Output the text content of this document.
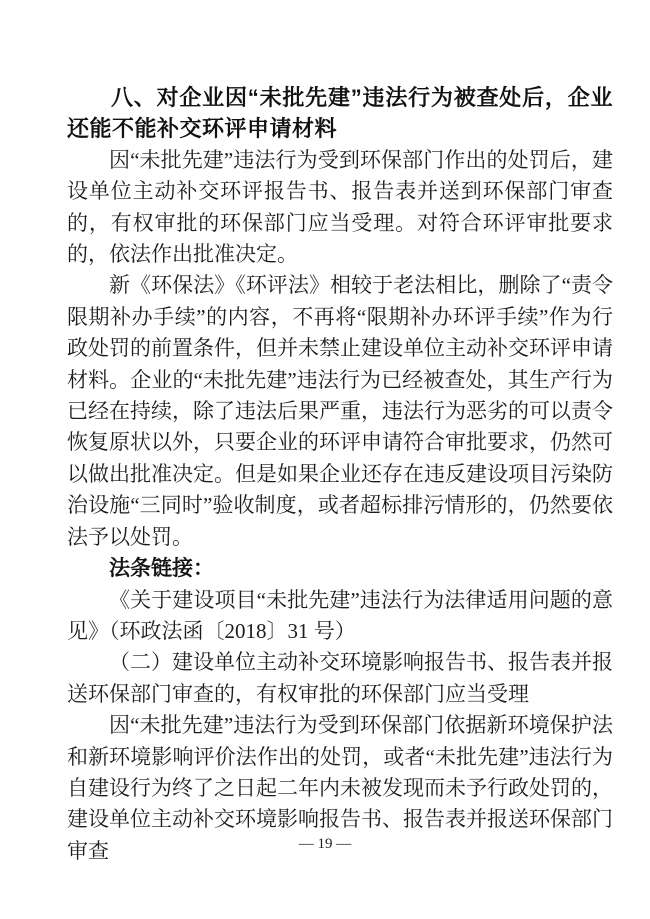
八、对企业因“未批先建”违法行为被查处后，企业还能不能补交环评申请材料

因“未批先建”违法行为受到环保部门作出的处罚后，建设单位主动补交环评报告书、报告表并送到环保部门审查的，有权审批的环保部门应当受理。对符合环评审批要求的，依法作出批准决定。

新《环保法》《环评法》相较于老法相比，删除了“责令限期补办手续”的内容，不再将“限期补办环评手续”作为行政处罚的前置条件，但并未禁止建设单位主动补交环评申请材料。企业的“未批先建”违法行为已经被查处，其生产行为已经在持续，除了违法后果严重，违法行为恶劣的可以责令恢复原状以外，只要企业的环评申请符合审批要求，仍然可以做出批准决定。但是如果企业还存在违反建设项目污染防治设施“三同时”验收制度，或者超标排污情形的，仍然要依法予以处罚。

法条链接：

《关于建设项目“未批先建”违法行为法律适用问题的意见》（环政法函〔2018〕31 号）

（二）建设单位主动补交环境影响报告书、报告表并报送环保部门审查的，有权审批的环保部门应当受理

因“未批先建”违法行为受到环保部门依据新环境保护法和新环境影响评价法作出的处罚，或者“未批先建”违法行为自建设行为终了之日起二年内未被发现而未予行政处罚的，建设单位主动补交环境影响报告书、报告表并报送环保部门审查	— 19 —
